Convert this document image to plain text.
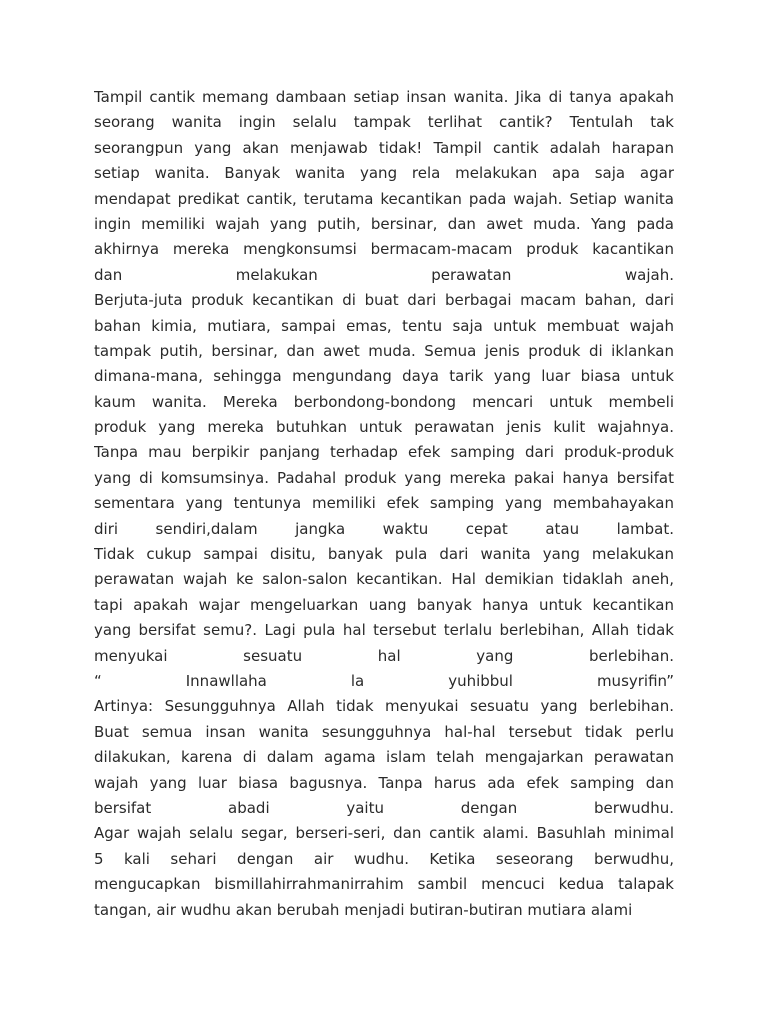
Tampil cantik memang dambaan setiap insan wanita. Jika di tanya apakah
seorang wanita ingin selalu tampak terlihat cantik? Tentulah tak
seorangpun yang akan menjawab tidak! Tampil cantik adalah harapan
setiap wanita. Banyak wanita yang rela melakukan apa saja agar
mendapat predikat cantik, terutama kecantikan pada wajah. Setiap wanita
ingin memiliki wajah yang putih, bersinar, dan awet muda. Yang pada
akhirnya mereka mengkonsumsi bermacam-macam produk kacantikan
dan melakukan perawatan wajah.
Berjuta-juta produk kecantikan di buat dari berbagai macam bahan, dari
bahan kimia, mutiara, sampai emas, tentu saja untuk membuat wajah
tampak putih, bersinar, dan awet muda. Semua jenis produk di iklankan
dimana-mana, sehingga mengundang daya tarik yang luar biasa untuk
kaum wanita. Mereka berbondong-bondong mencari untuk membeli
produk yang mereka butuhkan untuk perawatan jenis kulit wajahnya.
Tanpa mau berpikir panjang terhadap efek samping dari produk-produk
yang di komsumsinya. Padahal produk yang mereka pakai hanya bersifat
sementara yang tentunya memiliki efek samping yang membahayakan
diri sendiri,dalam jangka waktu cepat atau lambat.
Tidak cukup sampai disitu, banyak pula dari wanita yang melakukan
perawatan wajah ke salon-salon kecantikan. Hal demikian tidaklah aneh,
tapi apakah wajar mengeluarkan uang banyak hanya untuk kecantikan
yang bersifat semu?. Lagi pula hal tersebut terlalu berlebihan, Allah tidak
menyukai sesuatu hal yang berlebihan.
“ Innawllaha la yuhibbul musyrifin”
Artinya: Sesungguhnya Allah tidak menyukai sesuatu yang berlebihan.
Buat semua insan wanita sesungguhnya hal-hal tersebut tidak perlu
dilakukan, karena di dalam agama islam telah mengajarkan perawatan
wajah yang luar biasa bagusnya. Tanpa harus ada efek samping dan
bersifat abadi yaitu dengan berwudhu.
Agar wajah selalu segar, berseri-seri, dan cantik alami. Basuhlah minimal
5 kali sehari dengan air wudhu. Ketika seseorang berwudhu,
mengucapkan bismillahirrahmanirrahim sambil mencuci kedua talapak
tangan, air wudhu akan berubah menjadi butiran-butiran mutiara alami
